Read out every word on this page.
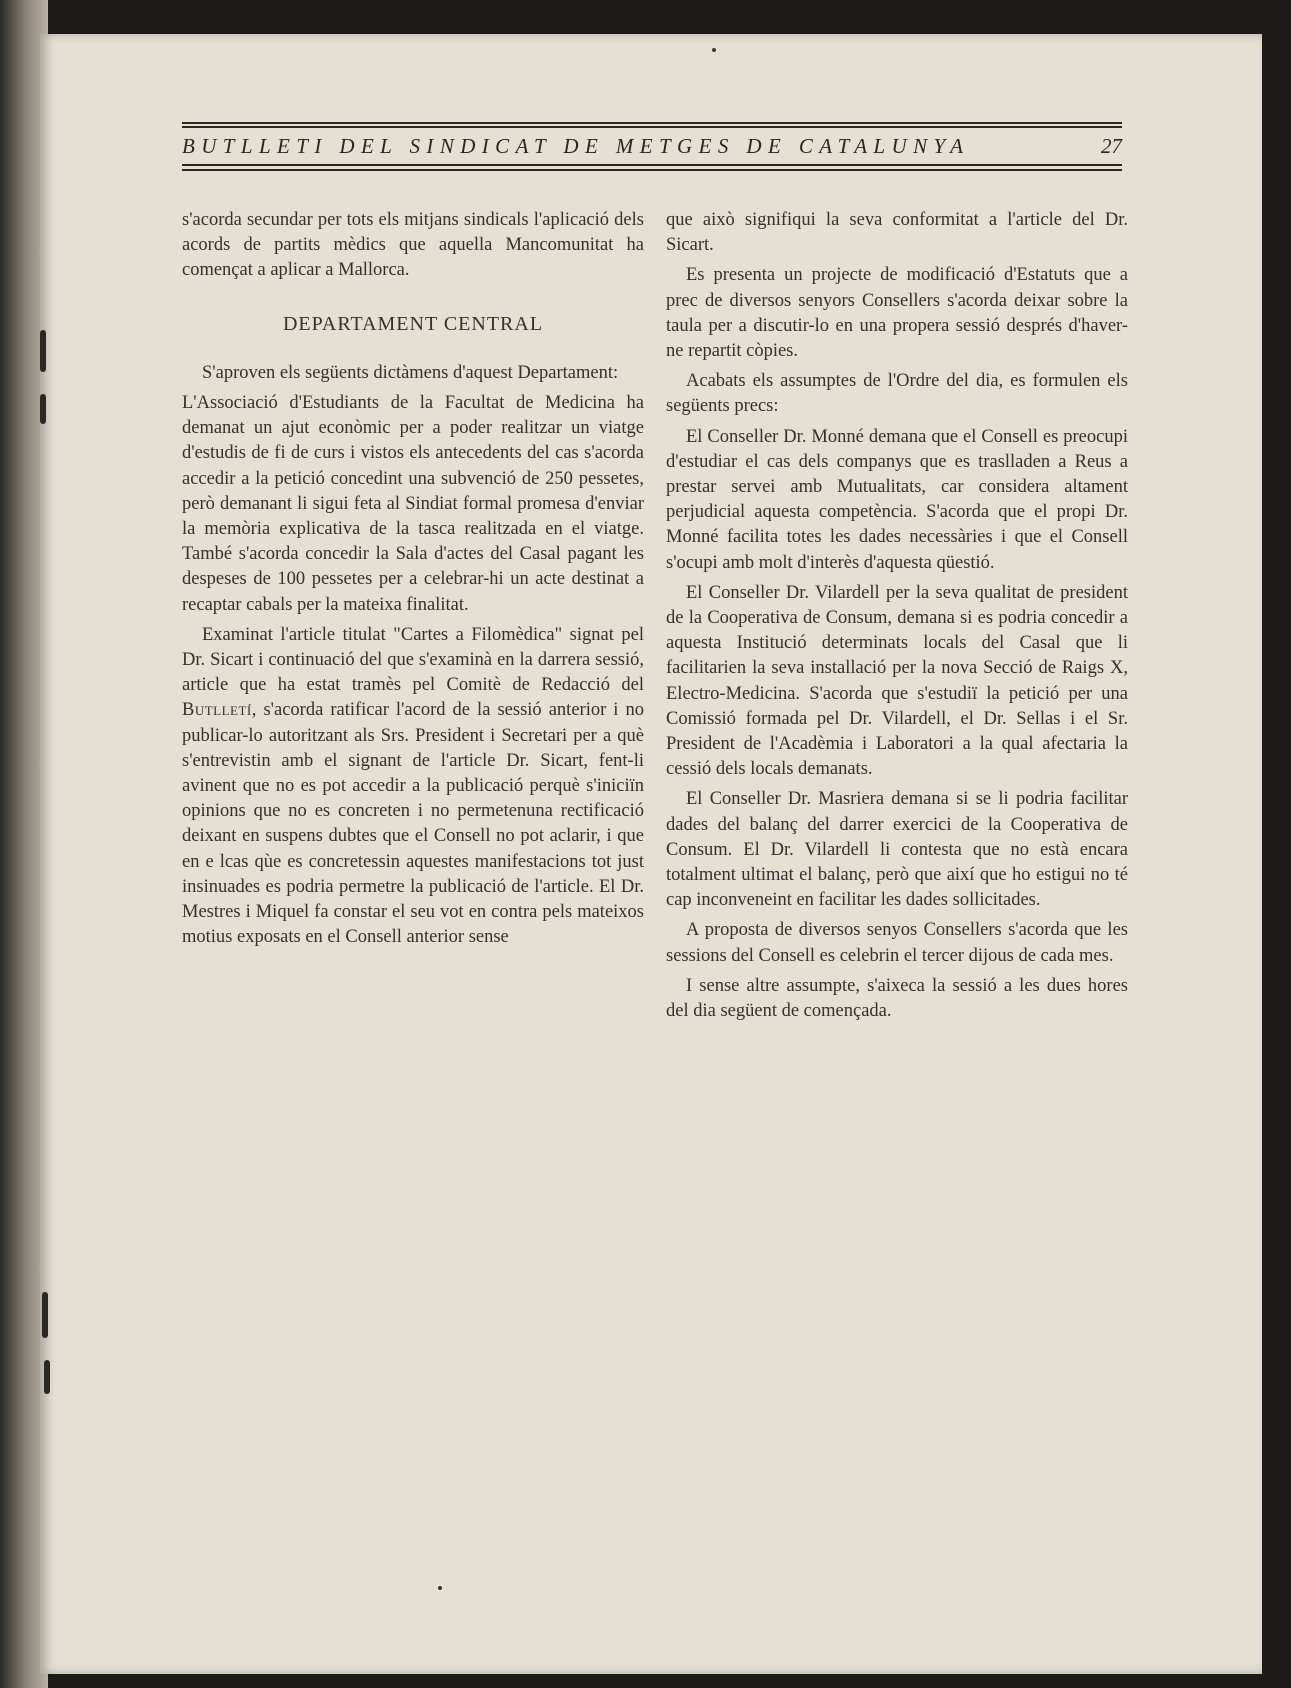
BUTLLETI DEL SINDICAT DE METGES DE CATALUNYA	27

s'acorda secundar per tots els mitjans sindicals l'aplicació dels acords de partits mèdics que aquella Mancomunitat ha començat a aplicar a Mallorca.

DEPARTAMENT CENTRAL

S'aproven els següents dictàmens d'aquest Departament:

L'Associació d'Estudiants de la Facultat de Medicina ha demanat un ajut econòmic per a poder realitzar un viatge d'estudis de fi de curs i vistos els antecedents del cas s'acorda accedir a la petició concedint una subvenció de 250 pessetes, però demanant li sigui feta al Sindiat formal promesa d'enviar la memòria explicativa de la tasca realitzada en el viatge. També s'acorda concedir la Sala d'actes del Casal pagant les despeses de 100 pessetes per a celebrar-hi un acte destinat a recaptar cabals per la mateixa finalitat.

Examinat l'article titulat "Cartes a Filomèdica" signat pel Dr. Sicart i continuació del que s'examinà en la darrera sessió, article que ha estat tramès pel Comitè de Redacció del Butlletí, s'acorda ratificar l'acord de la sessió anterior i no publicar-lo autoritzant als Srs. President i Secretari per a què s'entrevistin amb el signant de l'article Dr. Sicart, fent-li avinent que no es pot accedir a la publicació perquè s'iniciïn opinions que no es concreten i no permetenuna rectificació deixant en suspens dubtes que el Consell no pot aclarir, i que en e lcas qùe es concretessin aquestes manifestacions tot just insinuades es podria permetre la publicació de l'article. El Dr. Mestres i Miquel fa constar el seu vot en contra pels mateixos motius exposats en el Consell anterior sense

que això signifiqui la seva conformitat a l'article del Dr. Sicart.

Es presenta un projecte de modificació d'Estatuts que a prec de diversos senyors Consellers s'acorda deixar sobre la taula per a discutir-lo en una propera sessió després d'haver-ne repartit còpies.

Acabats els assumptes de l'Ordre del dia, es formulen els següents precs:

El Conseller Dr. Monné demana que el Consell es preocupi d'estudiar el cas dels companys que es traslladen a Reus a prestar servei amb Mutualitats, car considera altament perjudicial aquesta competència. S'acorda que el propi Dr. Monné facilita totes les dades necessàries i que el Consell s'ocupi amb molt d'interès d'aquesta qüestió.

El Conseller Dr. Vilardell per la seva qualitat de president de la Cooperativa de Consum, demana si es podria concedir a aquesta Institució determinats locals del Casal que li facilitarien la seva installació per la nova Secció de Raigs X, Electro-Medicina. S'acorda que s'estudiï la petició per una Comissió formada pel Dr. Vilardell, el Dr. Sellas i el Sr. President de l'Acadèmia i Laboratori a la qual afectaria la cessió dels locals demanats.

El Conseller Dr. Masriera demana si se li podria facilitar dades del balanç del darrer exercici de la Cooperativa de Consum. El Dr. Vilardell li contesta que no està encara totalment ultimat el balanç, però que així que ho estigui no té cap inconveneint en facilitar les dades sollicitades.

A proposta de diversos senyos Consellers s'acorda que les sessions del Consell es celebrin el tercer dijous de cada mes.

I sense altre assumpte, s'aixeca la sessió a les dues hores del dia següent de començada.
